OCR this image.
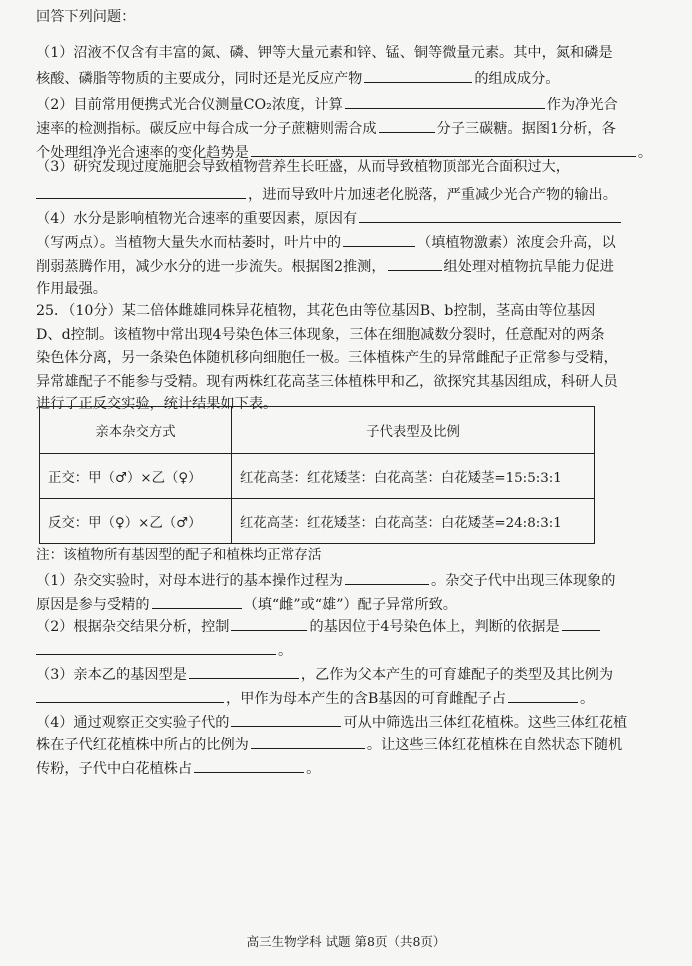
回答下列问题：
（1）沼液不仅含有丰富的氮、磷、钾等大量元素和锌、锰、铜等微量元素。其中，氮和磷是
核酸、磷脂等物质的主要成分，同时还是光反应产物	的组成成分。
（2）目前常用便携式光合仪测量CO₂浓度，计算	作为净光合
速率的检测指标。碳反应中每合成一分子蔗糖则需合成	分子三碳糖。据图1分析，各
个处理组净光合速率的变化趋势是	。
（3）研究发现过度施肥会导致植物营养生长旺盛，从而导致植物顶部光合面积过大，
，进而导致叶片加速老化脱落，严重减少光合产物的输出。
（4）水分是影响植物光合速率的重要因素，原因有
（写两点）。当植物大量失水而枯萎时，叶片中的	（填植物激素）浓度会升高，以
削弱蒸腾作用，减少水分的进一步流失。根据图2推测，	组处理对植物抗旱能力促进
作用最强。
25．（10分）某二倍体雌雄同株异花植物，其花色由等位基因B、b控制，茎高由等位基因
D、d控制。该植物中常出现4号染色体三体现象，三体在细胞减数分裂时，任意配对的两条
染色体分离，另一条染色体随机移向细胞任一极。三体植株产生的异常雌配子正常参与受精，
异常雄配子不能参与受精。现有两株红花高茎三体植株甲和乙，欲探究其基因组成，科研人员
进行了正反交实验，统计结果如下表。
亲本杂交方式	子代表型及比例
正交：甲（♂）×乙（♀）	红花高茎：红花矮茎：白花高茎：白花矮茎=15:5:3:1
反交：甲（♀）×乙（♂）	红花高茎：红花矮茎：白花高茎：白花矮茎=24:8:3:1
注：该植物所有基因型的配子和植株均正常存活
（1）杂交实验时，对母本进行的基本操作过程为	。杂交子代中出现三体现象的
原因是参与受精的	（填“雌”或“雄”）配子异常所致。
（2）根据杂交结果分析，控制	的基因位于4号染色体上，判断的依据是
。
（3）亲本乙的基因型是	，乙作为父本产生的可育雄配子的类型及其比例为
，甲作为母本产生的含B基因的可育雌配子占	。
（4）通过观察正交实验子代的	可从中筛选出三体红花植株。这些三体红花植
株在子代红花植株中所占的比例为	。让这些三体红花植株在自然状态下随机
传粉，子代中白花植株占	。
高三生物学科 试题 第8页（共8页）
